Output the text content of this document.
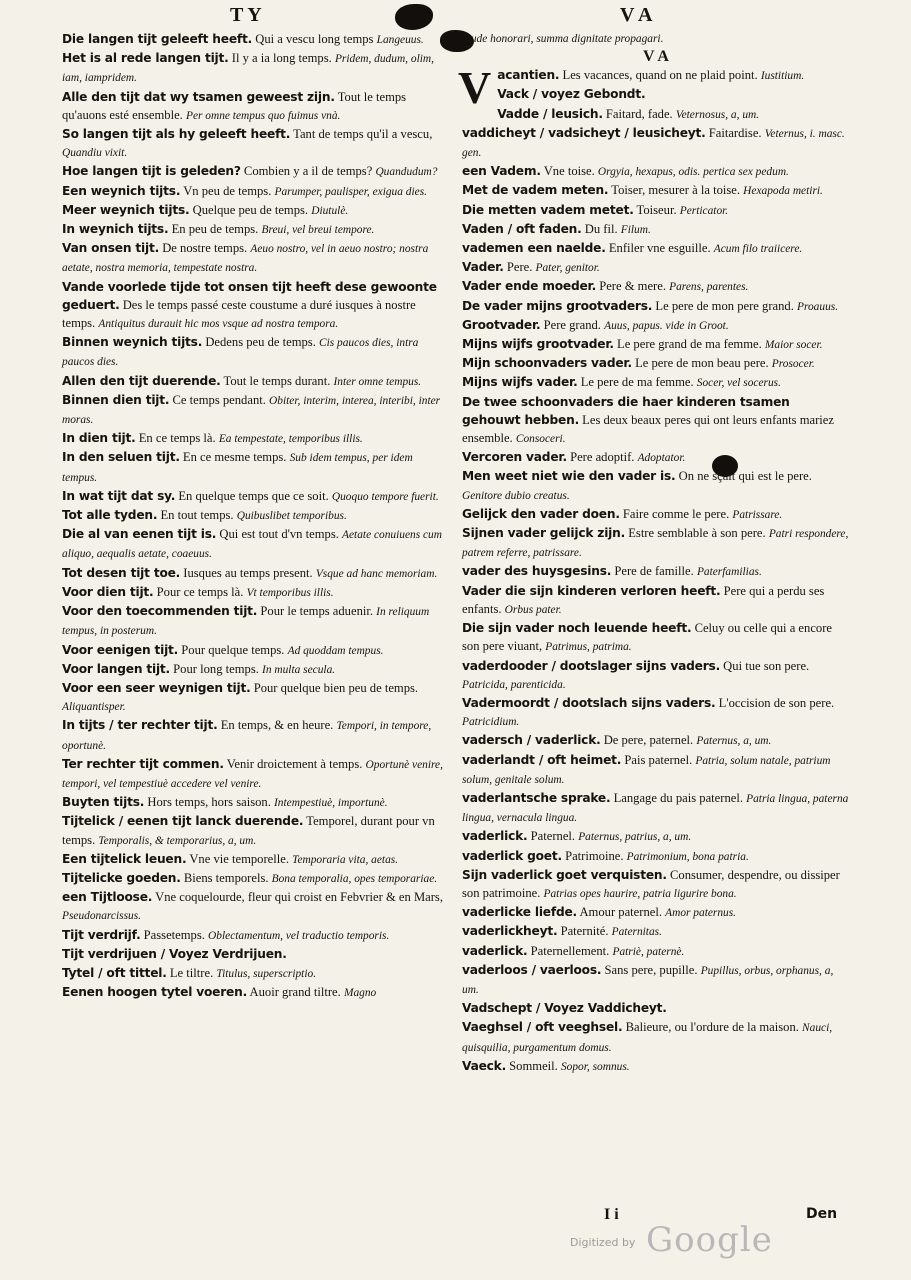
T Y	V A
Die langen tijt geleeft heeft. Qui a vescu long temps Langeuus.
Het is al rede langen tijt. Il y a ia long temps. Pridem, dudum, olim, iam, iampridem.
Alle den tijt dat wy tsamen geweest zijn. Tout le temps qu'auons esté ensemble. Per omne tempus quo fuimus vnà.
So langen tijt als hy geleeft heeft. Tant de temps qu'il a vescu, Quandiu vixit.
Hoe langen tijt is geleden? Combien y a il de temps? Quandudum?
Een weynich tijts. Vn peu de temps. Parumper, paulisper, exigua dies.
Meer weynich tijts. Quelque peu de temps. Diutulè.
In weynich tijts. En peu de temps. Breui, vel breui tempore.
Van onsen tijt. De nostre temps. Aeuo nostro, vel in aeuo nostro; nostra aetate, nostra memoria, tempestate nostra.
Vande voorlede tijde tot onsen tijt heeft dese gewoonte geduert. Des le temps passé ceste coustume a duré iusques à nostre temps. Antiquitus durauit hic mos vsque ad nostra tempora.
Binnen weynich tijts. Dedens peu de temps. Cis paucos dies, intra paucos dies.
Allen den tijt duerende. Tout le temps durant. Inter omne tempus.
Binnen dien tijt. Ce temps pendant. Obiter, interim, interea, interibi, inter moras.
In dien tijt. En ce temps là. Ea tempestate, temporibus illis.
In den seluen tijt. En ce mesme temps. Sub idem tempus, per idem tempus.
In wat tijt dat sy. En quelque temps que ce soit. Quoquo tempore fuerit.
Tot alle tyden. En tout temps. Quibuslibet temporibus.
Die al van eenen tijt is. Qui est tout d'vn temps. Aetate conuiuens cum aliquo, aequalis aetate, coaeuus.
Tot desen tijt toe. Iusques au temps present. Vsque ad hanc memoriam.
Voor dien tijt. Pour ce temps là. Vt temporibus illis.
Voor den toecommenden tijt. Pour le temps aduenir. In reliquum tempus, in posterum.
Voor eenigen tijt. Pour quelque temps. Ad quoddam tempus.
Voor langen tijt. Pour long temps. In multa secula.
Voor een seer weynigen tijt. Pour quelque bien peu de temps. Aliquantisper.
In tijts / ter rechter tijt. En temps, & en heure. Tempori, in tempore, oportunè.
Ter rechter tijt commen. Venir droictement à temps. Oportunè venire, tempori, vel tempestiuè accedere vel venire.
Buyten tijts. Hors temps, hors saison. Intempestiuè, importunè.
Tijtelick / eenen tijt lanck duerende. Temporel, durant pour vn temps. Temporalis, & temporarius, a, um.
Een tijtelick leuen. Vne vie temporelle. Temporaria vita, aetas.
Tijtelicke goeden. Biens temporels. Bona temporalia, opes temporariae.
een Tijtloose. Vne coquelourde, fleur qui croist en Febvrier & en Mars, Pseudonarcissus.
Tijt verdrijf. Passetemps. Oblectamentum, vel traductio temporis.
Tijt verdrijuen / Voyez Verdrijuen.
Tytel / oft tittel. Le tiltre. Titulus, superscriptio.
Eenen hoogen tytel voeren. Auoir grand tiltre. Magno
laude honorari, summa dignitate propagari.
V A
Vacantien. Les vacances, quand on ne plaid point. Iustitium.
Vack / voyez Gebondt.
Vadde / leusich. Faitard, fade. Veternosus, a, um.
vaddicheyt / vadsicheyt / leusicheyt. Faitardise. Veternus, i. masc. gen.
een Vadem. Vne toise. Orgyia, hexapus, odis. pertica sex pedum.
Met de vadem meten. Toiser, mesurer à la toise. Hexapoda metiri.
Die metten vadem metet. Toiseur. Perticator.
Vaden / oft faden. Du fil. Filum.
vademen een naelde. Enfiler vne esguille. Acum filo traiicere.
Vader. Pere. Pater, genitor.
Vader ende moeder. Pere & mere. Parens, parentes.
De vader mijns grootvaders. Le pere de mon pere grand. Proauus.
Grootvader. Pere grand. Auus, papus. vide in Groot.
Mijns wijfs grootvader. Le pere grand de ma femme. Maior socer.
Mijn schoonvaders vader. Le pere de mon beau pere. Prosocer.
Mijns wijfs vader. Le pere de ma femme. Socer, vel socerus.
De twee schoonvaders die haer kinderen tsamen gehouwt hebben. Les deux beaux peres qui ont leurs enfants mariez ensemble. Consoceri.
Vercoren vader. Pere adoptif. Adoptator.
Men weet niet wie den vader is. On ne sçait qui est le pere. Genitore dubio creatus.
Gelijck den vader doen. Faire comme le pere. Patrissare.
Sijnen vader gelijck zijn. Estre semblable à son pere. Patri respondere, patrem referre, patrissare.
vader des huysgesins. Pere de famille. Paterfamilias.
Vader die sijn kinderen verloren heeft. Pere qui a perdu ses enfants. Orbus pater.
Die sijn vader noch leuende heeft. Celuy ou celle qui a encore son pere viuant, Patrimus, patrima.
vaderdooder / dootslager sijns vaders. Qui tue son pere. Patricida, parenticida.
Vadermoordt / dootslach sijns vaders. L'occision de son pere. Patricidium.
vadersch / vaderlick. De pere, paternel. Paternus, a, um.
vaderlandt / oft heimet. Pais paternel. Patria, solum natale, patrium solum, genitale solum.
vaderlantsche sprake. Langage du pais paternel. Patria lingua, paterna lingua, vernacula lingua.
vaderlick. Paternel. Paternus, patrius, a, um.
vaderlick goet. Patrimoine. Patrimonium, bona patria.
Sijn vaderlick goet verquisten. Consumer, despendre, ou dissiper son patrimoine. Patrias opes haurire, patria ligurire bona.
vaderlicke liefde. Amour paternel. Amor paternus.
vaderlickheyt. Paternité. Paternitas.
vaderlick. Paternellement. Patriè, paternè.
vaderloos / vaerloos. Sans pere, pupille. Pupillus, orbus, orphanus, a, um.
Vadschept / Voyez Vaddicheyt.
Vaeghsel / oft veeghsel. Balieure, ou l'ordure de la maison. Nauci, quisquilia, purgamentum domus.
Vaeck. Sommeil. Sopor, somnus.
I i	Den
Digitized by Google
